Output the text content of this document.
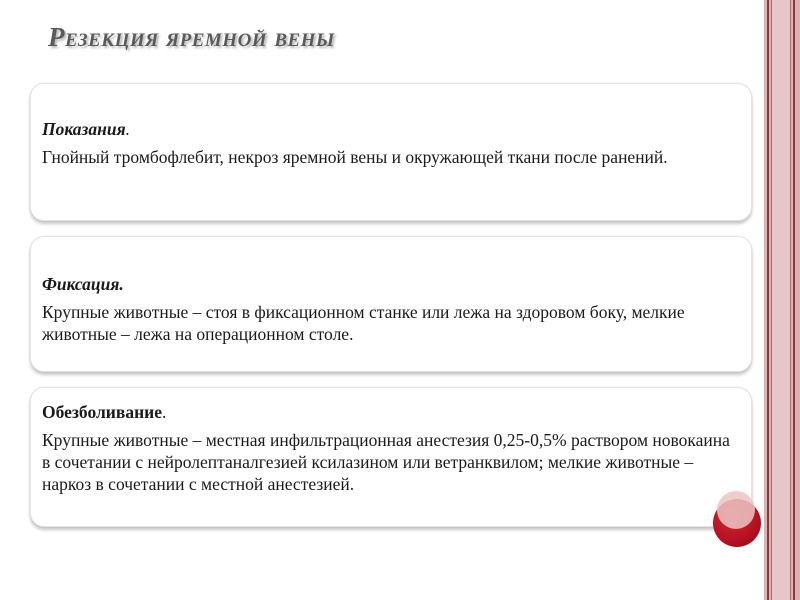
Резекция яремной вены

Показания.

Гнойный тромбофлебит, некроз яремной вены и окружающей ткани после ранений.

Фиксация.

Крупные животные – стоя в фиксационном станке или лежа на здоровом боку, мелкие животные – лежа на операционном столе.

Обезболивание.

Крупные животные – местная инфильтрационная анестезия 0,25-0,5% раствором новокаина в сочетании с нейролептаналгезией ксилазином или ветранквилом; мелкие животные –наркоз в сочетании с местной анестезией.
